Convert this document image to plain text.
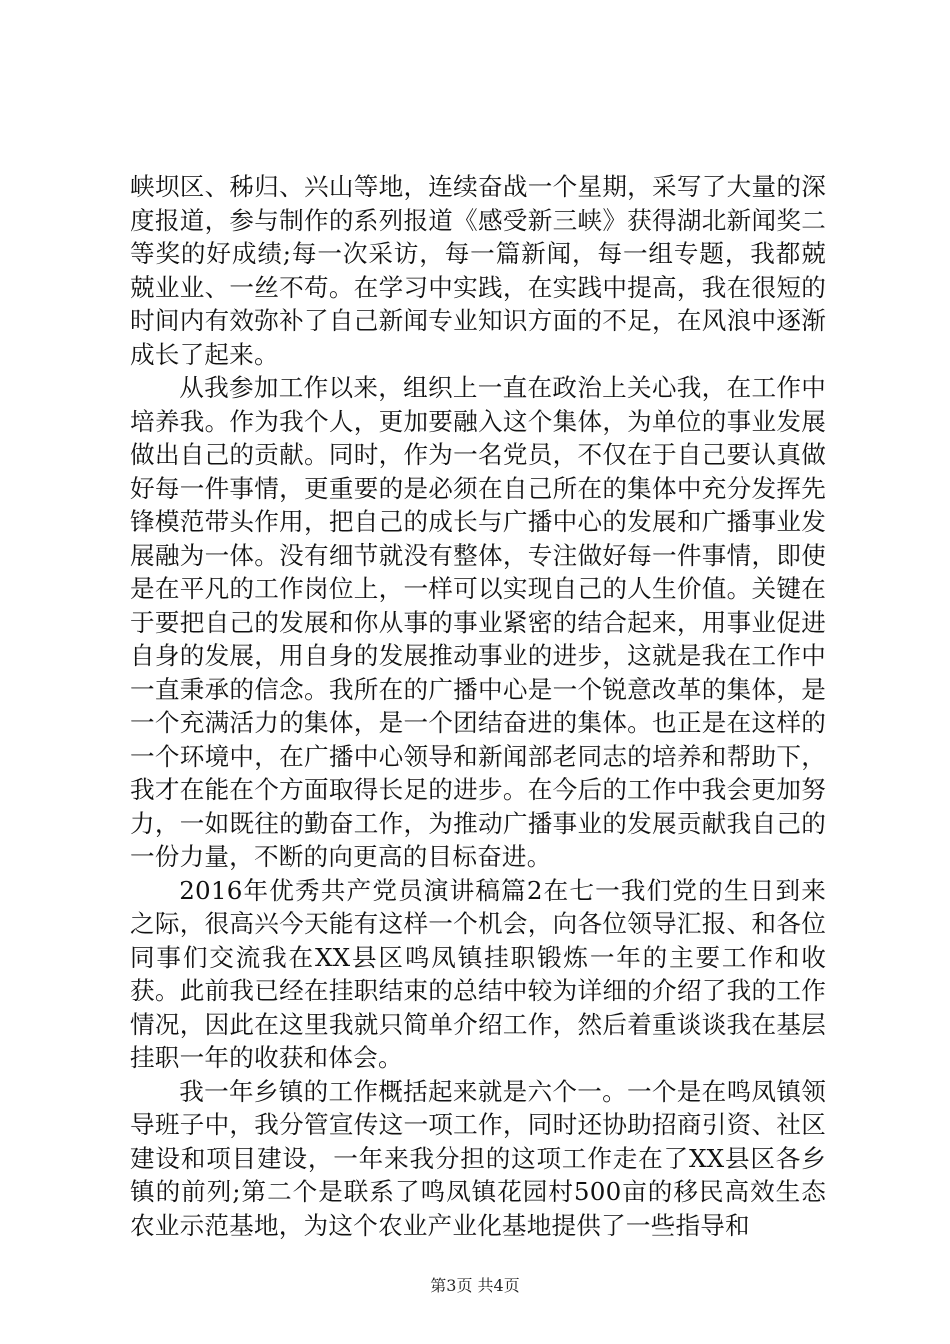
峡坝区、秭归、兴山等地，连续奋战一个星期，采写了大量的深度报道，参与制作的系列报道《感受新三峡》获得湖北新闻奖二等奖的好成绩;每一次采访，每一篇新闻，每一组专题，我都兢兢业业、一丝不苟。在学习中实践，在实践中提高，我在很短的时间内有效弥补了自己新闻专业知识方面的不足，在风浪中逐渐成长了起来。

从我参加工作以来，组织上一直在政治上关心我，在工作中培养我。作为我个人，更加要融入这个集体，为单位的事业发展做出自己的贡献。同时，作为一名党员，不仅在于自己要认真做好每一件事情，更重要的是必须在自己所在的集体中充分发挥先锋模范带头作用，把自己的成长与广播中心的发展和广播事业发展融为一体。没有细节就没有整体，专注做好每一件事情，即使是在平凡的工作岗位上，一样可以实现自己的人生价值。关键在于要把自己的发展和你从事的事业紧密的结合起来，用事业促进自身的发展，用自身的发展推动事业的进步，这就是我在工作中一直秉承的信念。我所在的广播中心是一个锐意改革的集体，是一个充满活力的集体，是一个团结奋进的集体。也正是在这样的一个环境中，在广播中心领导和新闻部老同志的培养和帮助下，我才在能在个方面取得长足的进步。在今后的工作中我会更加努力，一如既往的勤奋工作，为推动广播事业的发展贡献我自己的一份力量，不断的向更高的目标奋进。

2016年优秀共产党员演讲稿篇2在七一我们党的生日到来之际，很高兴今天能有这样一个机会，向各位领导汇报、和各位同事们交流我在XX县区鸣凤镇挂职锻炼一年的主要工作和收获。此前我已经在挂职结束的总结中较为详细的介绍了我的工作情况，因此在这里我就只简单介绍工作，然后着重谈谈我在基层挂职一年的收获和体会。

我一年乡镇的工作概括起来就是六个一。一个是在鸣凤镇领导班子中，我分管宣传这一项工作，同时还协助招商引资、社区建设和项目建设，一年来我分担的这项工作走在了XX县区各乡镇的前列;第二个是联系了鸣凤镇花园村500亩的移民高效生态农业示范基地，为这个农业产业化基地提供了一些指导和

第3页 共4页
